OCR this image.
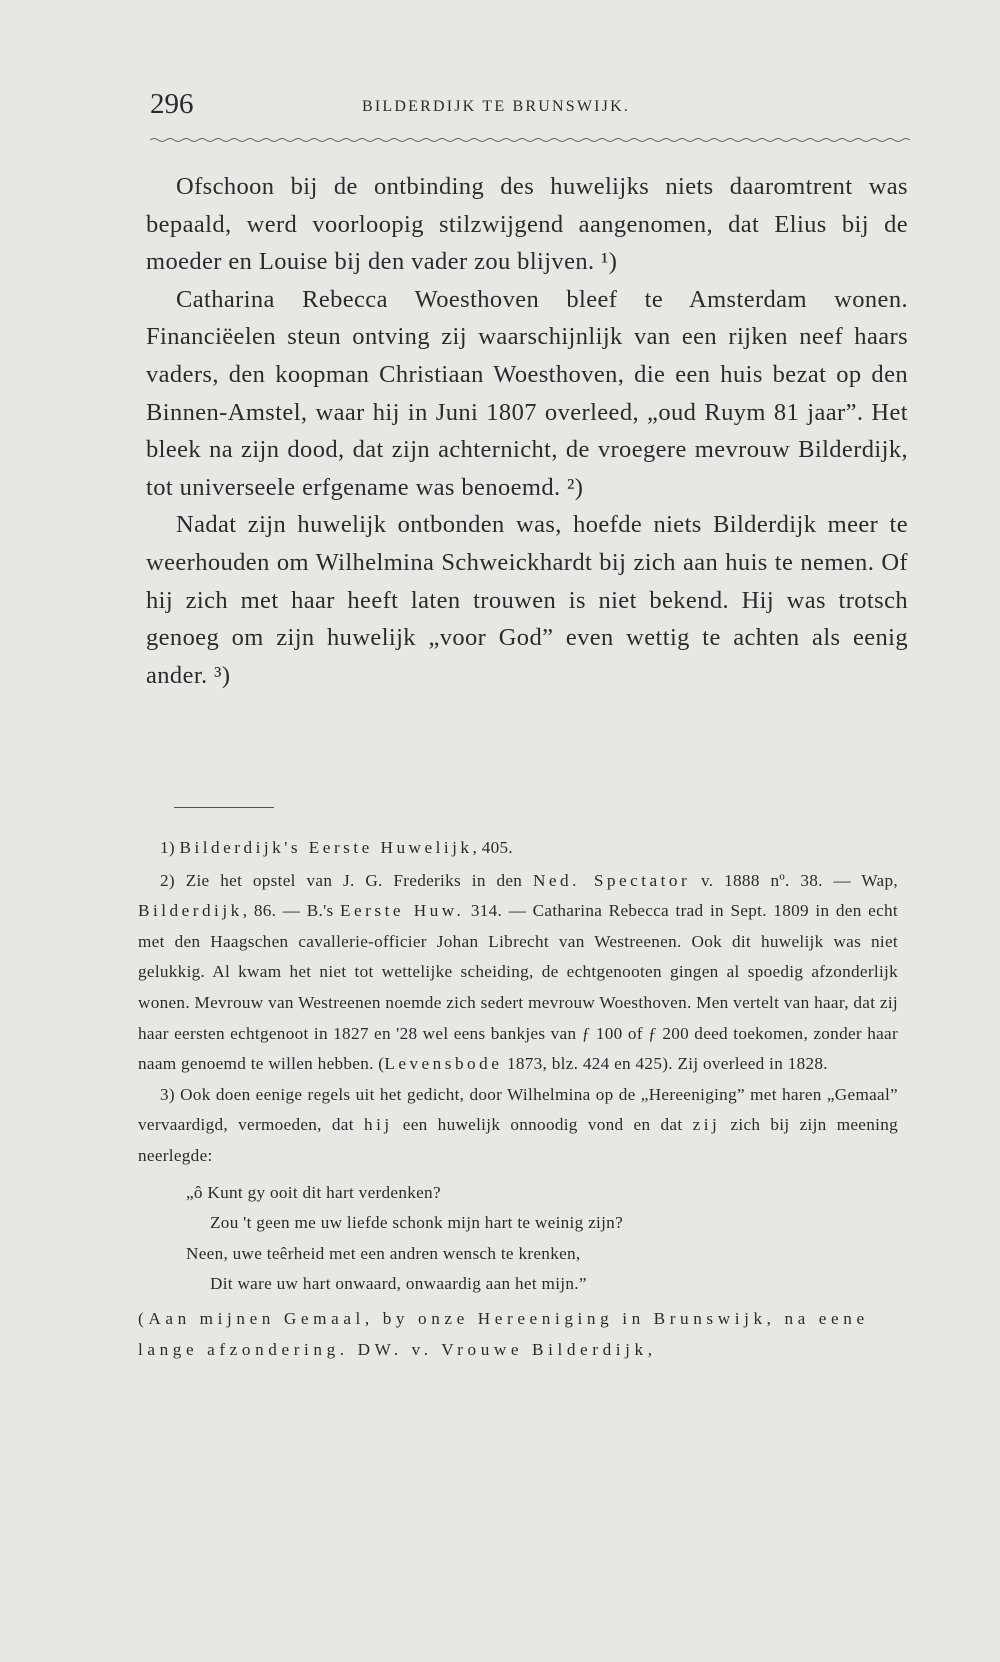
296	BILDERDIJK TE BRUNSWIJK.

Ofschoon bij de ontbinding des huwelijks niets daaromtrent was bepaald, werd voorloopig stilzwijgend aangenomen, dat Elius bij de moeder en Louise bij den vader zou blijven. ¹)

Catharina Rebecca Woesthoven bleef te Amsterdam wonen. Financiëelen steun ontving zij waarschijnlijk van een rijken neef haars vaders, den koopman Christiaan Woesthoven, die een huis bezat op den Binnen-Amstel, waar hij in Juni 1807 overleed, „oud Ruym 81 jaar”. Het bleek na zijn dood, dat zijn achternicht, de vroegere mevrouw Bilderdijk, tot universeele erfgename was benoemd. ²)

Nadat zijn huwelijk ontbonden was, hoefde niets Bilderdijk meer te weerhouden om Wilhelmina Schweickhardt bij zich aan huis te nemen. Of hij zich met haar heeft laten trouwen is niet bekend. Hij was trotsch genoeg om zijn huwelijk „voor God” even wettig te achten als eenig ander. ³)

1) Bilderdijk's Eerste Huwelijk, 405.

2) Zie het opstel van J. G. Frederiks in den Ned. Spectator v. 1888 nº. 38. — Wap, Bilderdijk, 86. — B.'s Eerste Huw. 314. — Catharina Rebecca trad in Sept. 1809 in den echt met den Haagschen cavallerie-officier Johan Librecht van Westreenen. Ook dit huwelijk was niet gelukkig. Al kwam het niet tot wettelijke scheiding, de echtgenooten gingen al spoedig afzonderlijk wonen. Mevrouw van Westreenen noemde zich sedert mevrouw Woesthoven. Men vertelt van haar, dat zij haar eersten echtgenoot in 1827 en '28 wel eens bankjes van ƒ 100 of ƒ 200 deed toekomen, zonder haar naam genoemd te willen hebben. (Levensbode 1873, blz. 424 en 425). Zij overleed in 1828.

3) Ook doen eenige regels uit het gedicht, door Wilhelmina op de „Hereeniging” met haren „Gemaal” vervaardigd, vermoeden, dat hij een huwelijk onnoodig vond en dat zij zich bij zijn meening neerlegde:

„ô Kunt gy ooit dit hart verdenken?
Zou 't geen me uw liefde schonk mijn hart te weinig zijn?
Neen, uwe teêrheid met een andren wensch te krenken,
Dit ware uw hart onwaard, onwaardig aan het mijn.”

(Aan mijnen Gemaal, by onze Hereeniging in Brunswijk, na eene lange afzondering. DW. v. Vrouwe Bilderdijk,
